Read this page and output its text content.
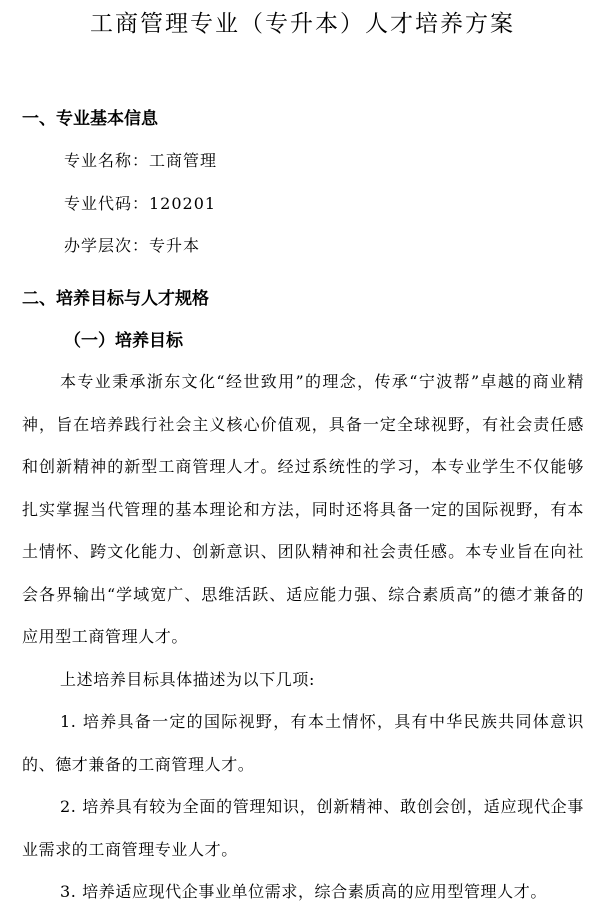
工商管理专业（专升本）人才培养方案
一、专业基本信息
专业名称：工商管理
专业代码：120201
办学层次：专升本
二、培养目标与人才规格
（一）培养目标
本专业秉承浙东文化“经世致用”的理念，传承“宁波帮”卓越的商业精神，旨在培养践行社会主义核心价值观，具备一定全球视野，有社会责任感和创新精神的新型工商管理人才。经过系统性的学习，本专业学生不仅能够扎实掌握当代管理的基本理论和方法，同时还将具备一定的国际视野，有本土情怀、跨文化能力、创新意识、团队精神和社会责任感。本专业旨在向社会各界输出“学域宽广、思维活跃、适应能力强、综合素质高”的德才兼备的应用型工商管理人才。
上述培养目标具体描述为以下几项:
1. 培养具备一定的国际视野，有本土情怀，具有中华民族共同体意识的、德才兼备的工商管理人才。
2. 培养具有较为全面的管理知识，创新精神、敢创会创，适应现代企事业需求的工商管理专业人才。
3. 培养适应现代企事业单位需求，综合素质高的应用型管理人才。
